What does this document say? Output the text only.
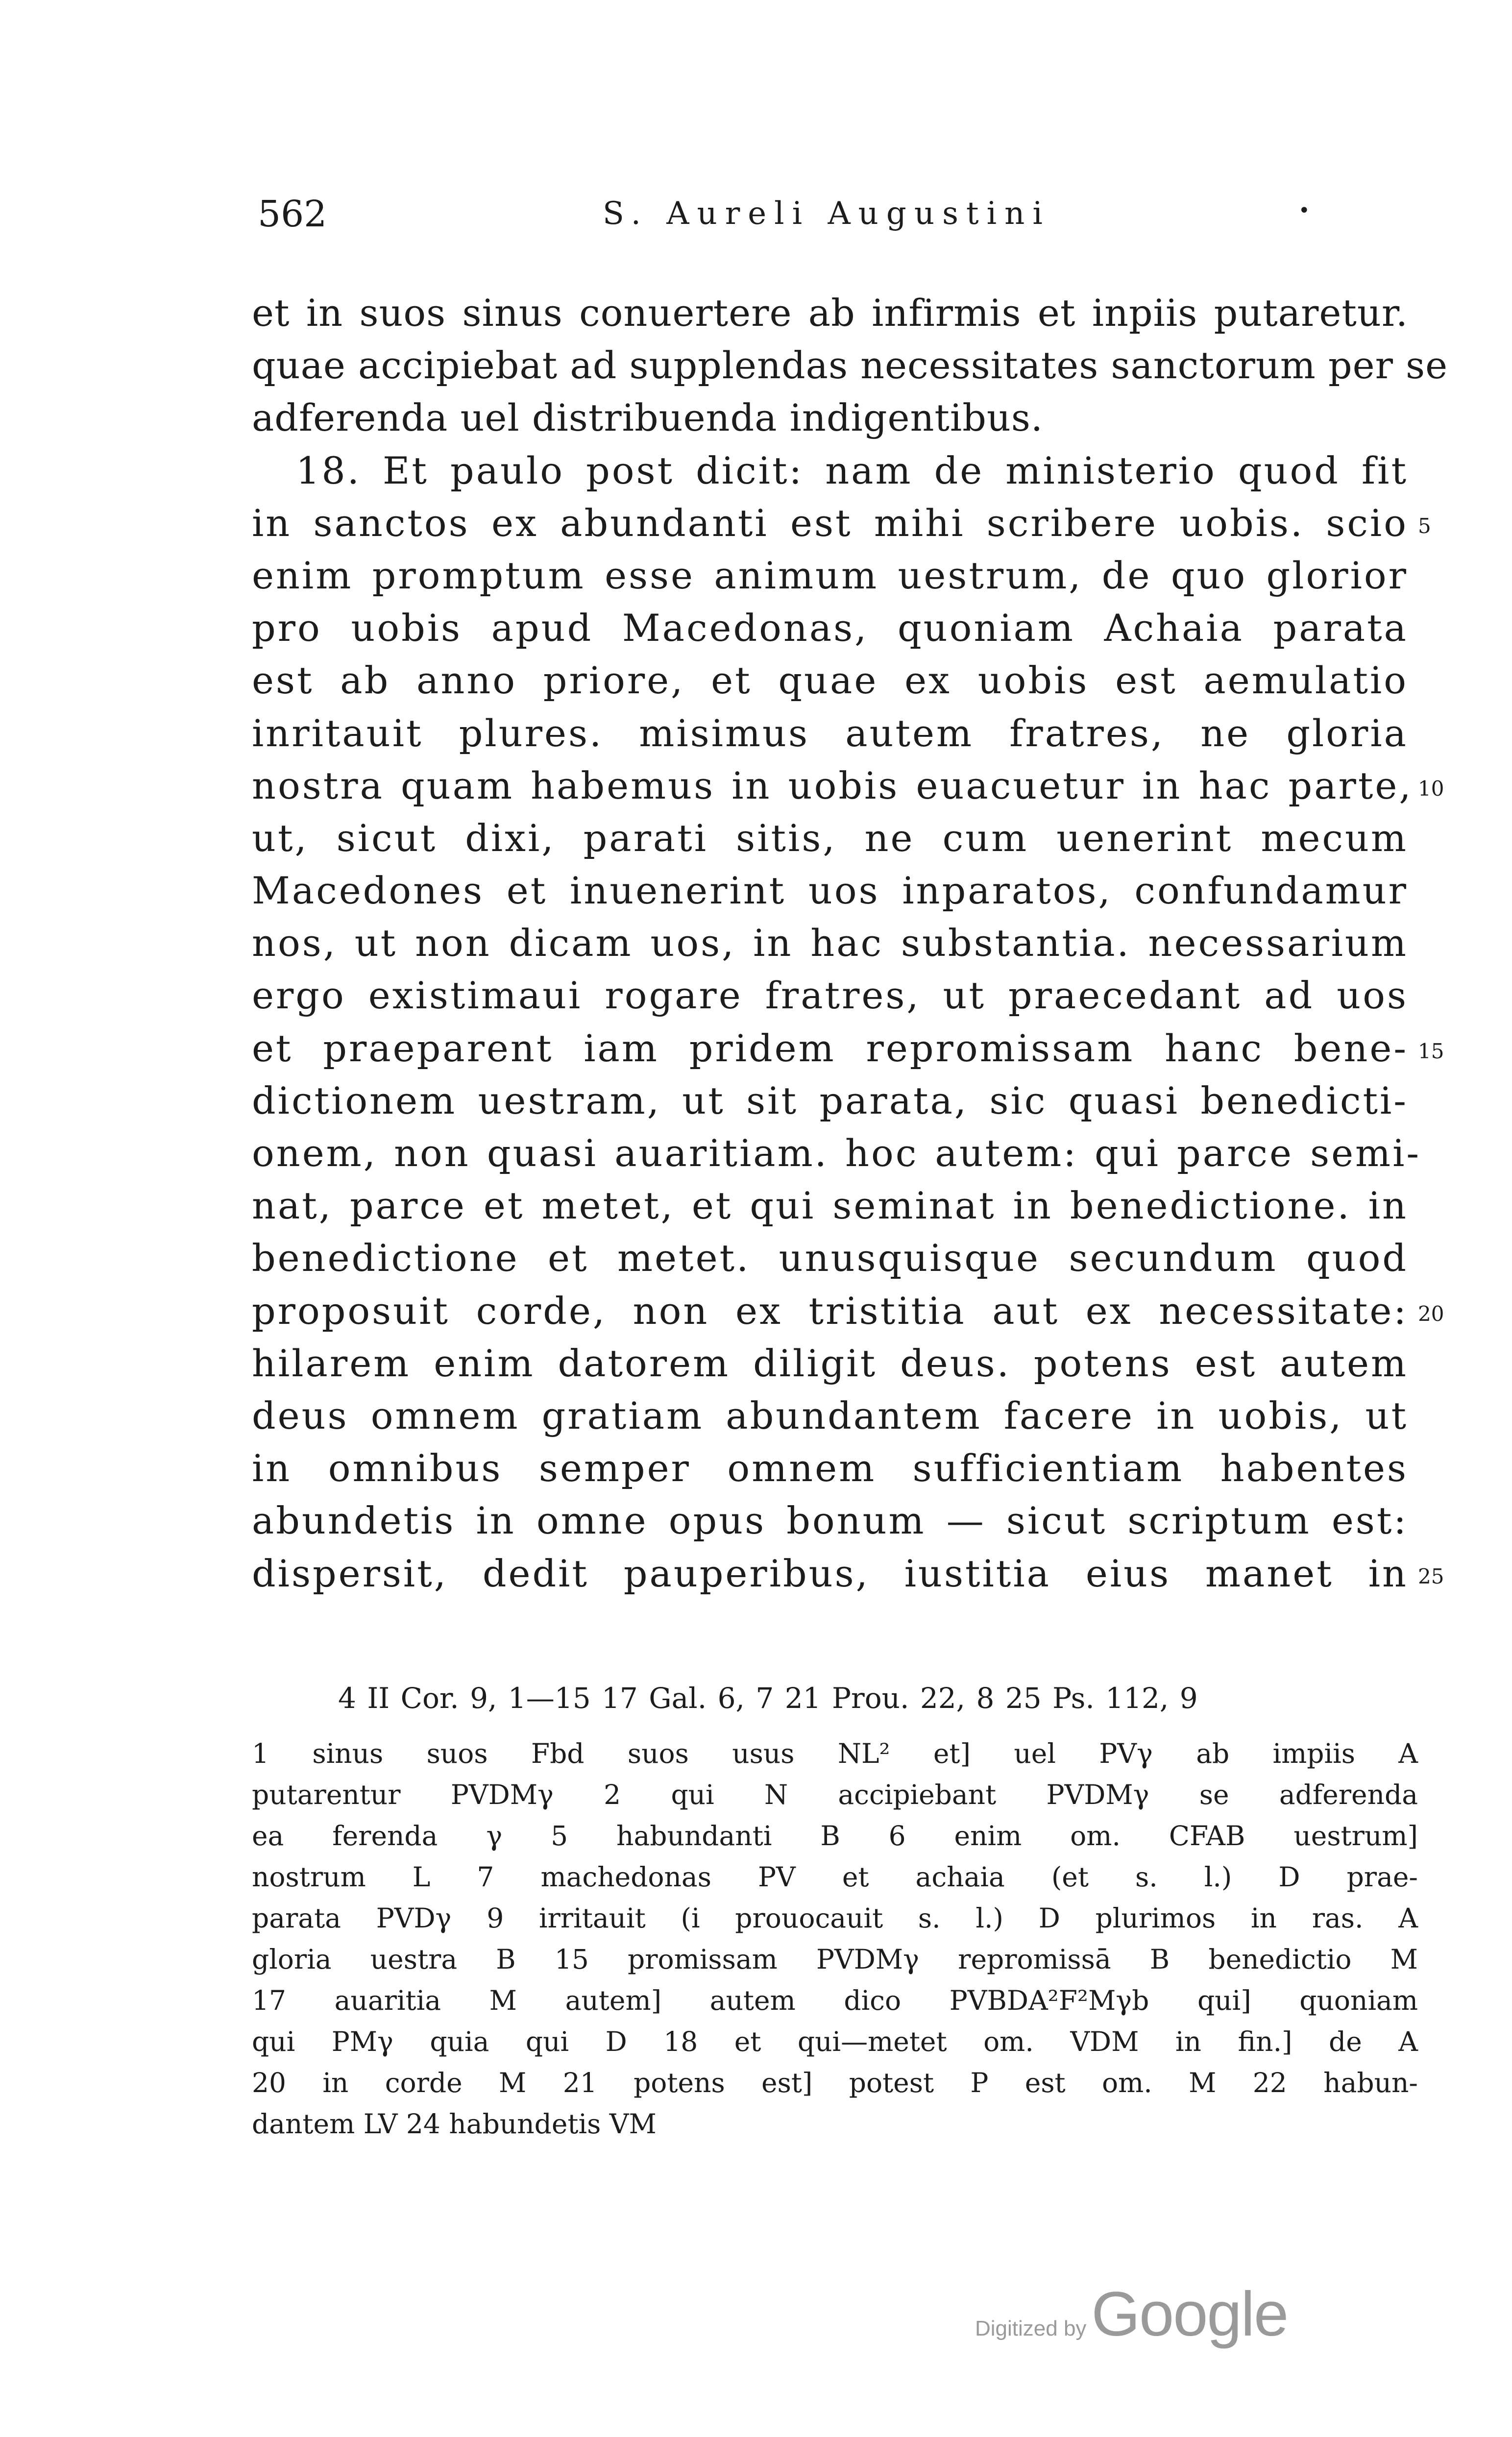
562	S. Aureli Augustini	•
et in suos sinus conuertere ab infirmis et inpiis putaretur.
quae accipiebat ad supplendas necessitates sanctorum per se
adferenda uel distribuenda indigentibus.
18. Et paulo post dicit: nam de ministerio quod fit
in sanctos ex abundanti est mihi scribere uobis. scio 5
enim promptum esse animum uestrum, de quo glorior
pro uobis apud Macedonas, quoniam Achaia parata
est ab anno priore, et quae ex uobis est aemulatio
inritauit plures. misimus autem fratres, ne gloria
nostra quam habemus in uobis euacuetur in hac parte, 10
ut, sicut dixi, parati sitis, ne cum uenerint mecum
Macedones et inuenerint uos inparatos, confundamur
nos, ut non dicam uos, in hac substantia. necessarium
ergo existimaui rogare fratres, ut praecedant ad uos
et praeparent iam pridem repromissam hanc bene- 15
dictionem uestram, ut sit parata, sic quasi benedicti-
onem, non quasi auaritiam. hoc autem: qui parce semi-
nat, parce et metet, et qui seminat in benedictione. in
benedictione et metet. unusquisque secundum quod
proposuit corde, non ex tristitia aut ex necessitate: 20
hilarem enim datorem diligit deus. potens est autem
deus omnem gratiam abundantem facere in uobis, ut
in omnibus semper omnem sufficientiam habentes
abundetis in omne opus bonum — sicut scriptum est:
dispersit, dedit pauperibus, iustitia eius manet in 25
4 II Cor. 9, 1—15 17 Gal. 6, 7 21 Prou. 22, 8 25 Ps. 112, 9
1 sinus suos Fbd suos usus NL² et] uel PVγ ab impiis A
putarentur PVDMγ 2 qui N accipiebant PVDMγ se adferenda
ea ferenda γ 5 habundanti B 6 enim om. CFAB uestrum]
nostrum L 7 machedonas PV et achaia (et s. l.) D prae-
parata PVDγ 9 irritauit (i prouocauit s. l.) D plurimos in ras. A
gloria uestra B 15 promissam PVDMγ repromissā B benedictio M
17 auaritia M autem] autem dico PVBDA²F²Mγb qui] quoniam
qui PMγ quia qui D 18 et qui—metet om. VDM in fin.] de A
20 in corde M 21 potens est] potest P est om. M 22 habun-
dantem LV 24 habundetis VM
Digitized by Google
